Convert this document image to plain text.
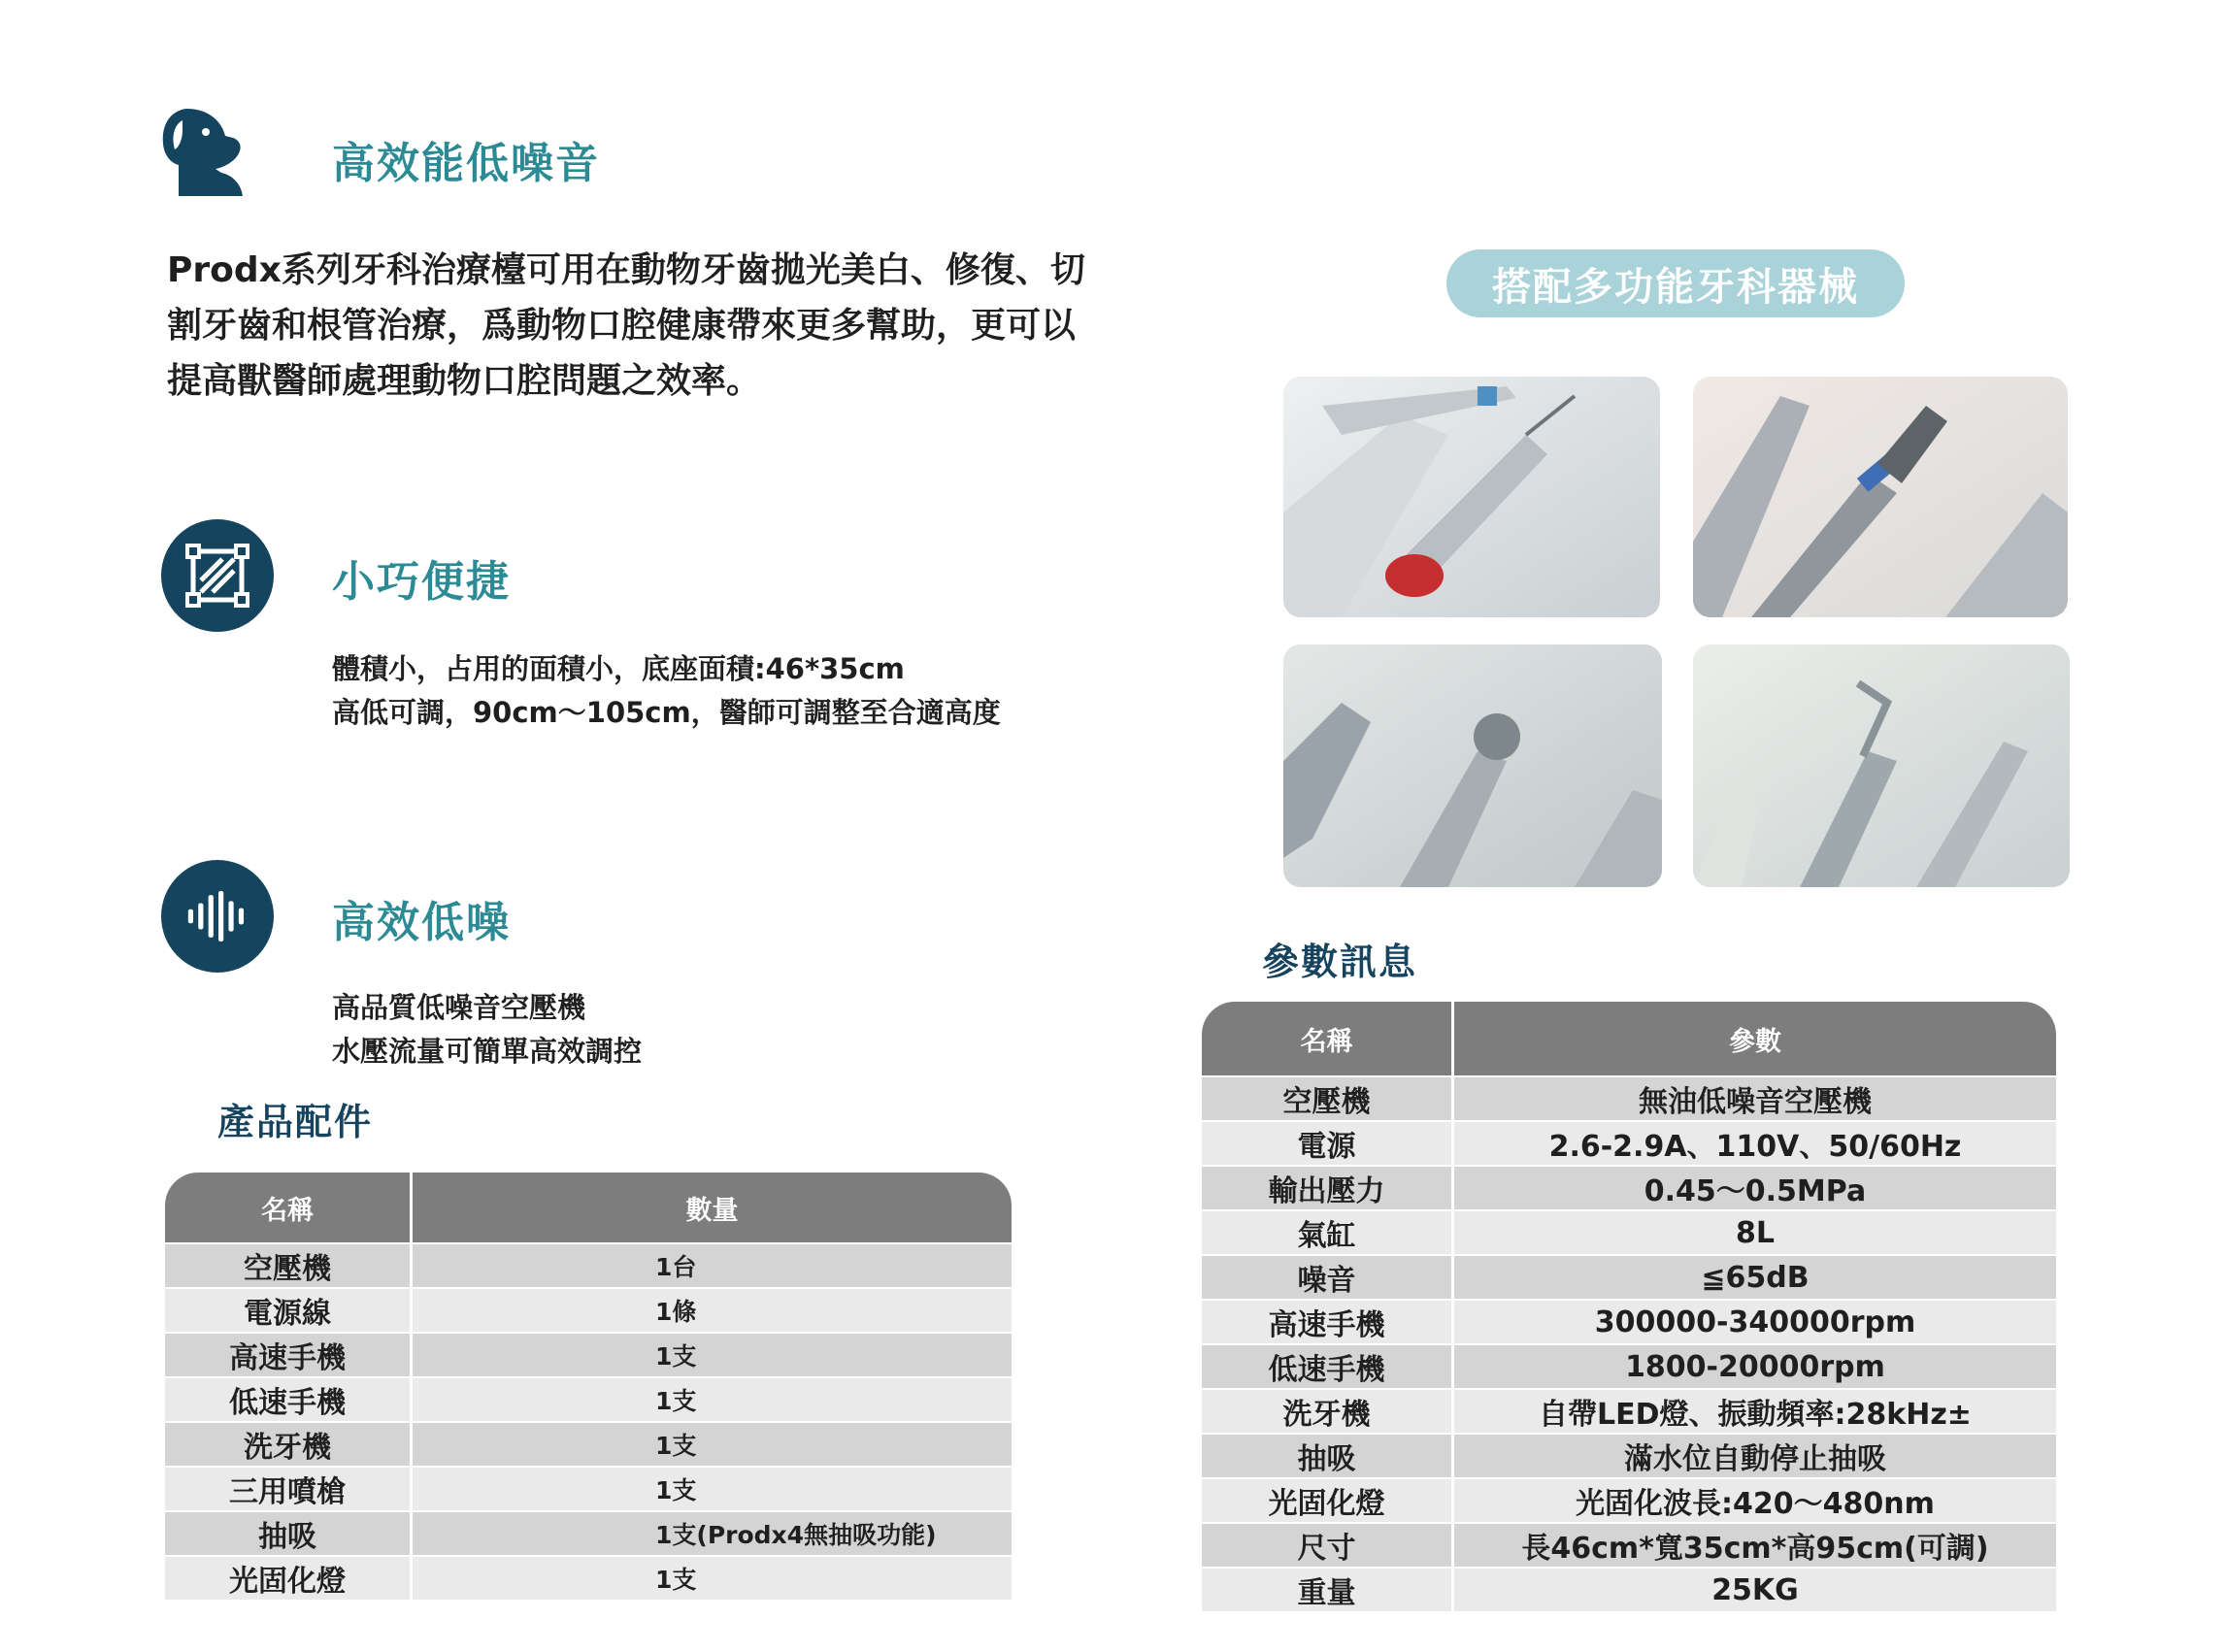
高效能低噪音
Prodx系列牙科治療檯可用在動物牙齒拋光美白、修復、切
割牙齒和根管治療，爲動物口腔健康帶來更多幫助，更可以
提高獸醫師處理動物口腔問題之效率。
小巧便捷
體積小，占用的面積小，底座面積:46*35cm
高低可調，90cm～105cm，醫師可調整至合適高度
高效低噪
高品質低噪音空壓機
水壓流量可簡單高效調控
搭配多功能牙科器械
產品配件
參數訊息
名稱	數量
空壓機	1台
電源線	1條
高速手機	1支
低速手機	1支
洗牙機	1支
三用噴槍	1支
抽吸	1支(Prodx4無抽吸功能)
光固化燈	1支
名稱	參數
空壓機	無油低噪音空壓機
電源	2.6-2.9A、110V、50/60Hz
輸出壓力	0.45～0.5MPa
氣缸	8L
噪音	≦65dB
高速手機	300000-340000rpm
低速手機	1800-20000rpm
洗牙機	自帶LED燈、振動頻率:28kHz±
抽吸	滿水位自動停止抽吸
光固化燈	光固化波長:420～480nm
尺寸	長46cm*寬35cm*高95cm(可調)
重量	25KG
